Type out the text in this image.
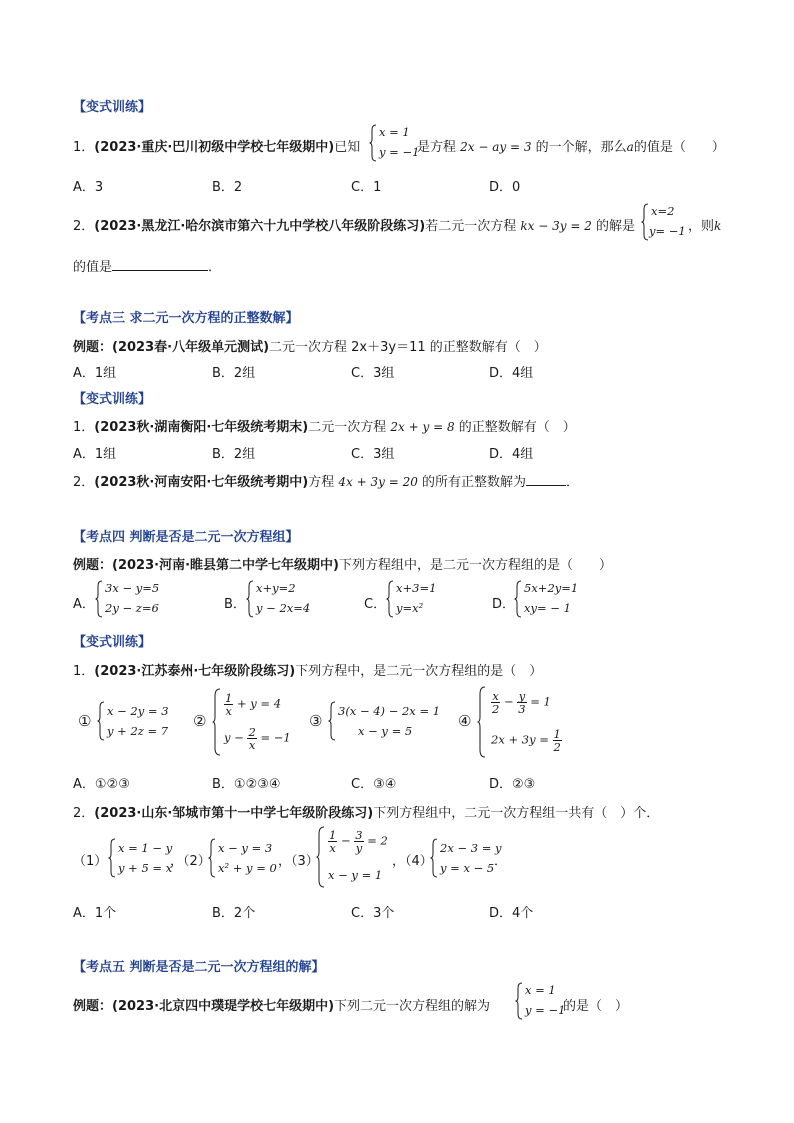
【变式训练】
1．(2023·重庆·巴川初级中学校七年级期中)已知
x = 1
y = −1
是方程 2x − ay = 3 的一个解，那么a的值是（　　）
A．3	B．2	C．1	D．0
2．(2023·黑龙江·哈尔滨市第六十九中学校八年级阶段练习)若二元一次方程 kx − 3y = 2 的解是
x=2
y= −1 ，则k
的值是	．
【考点三 求二元一次方程的正整数解】
例题：(2023春·八年级单元测试)二元一次方程 2x＋3y＝11 的正整数解有（　）
A．1组	B．2组	C．3组	D．4组
【变式训练】
1．(2023秋·湖南衡阳·七年级统考期末)二元一次方程 2x + y = 8 的正整数解有（　）
A．1组	B．2组	C．3组	D．4组
2．(2023秋·河南安阳·七年级统考期中)方程 4x + 3y = 20 的所有正整数解为	．
【考点四 判断是否是二元一次方程组】
例题：(2023·河南·睢县第二中学七年级期中)下列方程组中，是二元一次方程组的是（　　）
A．
3x − y=5
2y − z=6	B．
x+y=2
y − 2x=4	C．
x+3=1
y=x²	D．
5x+2y=1
xy= − 1
【变式训练】
1．(2023·江苏泰州·七年级阶段练习)下列方程中，是二元一次方程组的是（　）
①
x − 2y = 3
y + 2z = 7
②
$\frac{1}{x} + y = 4$
$y - \frac{2}{x} = -1$
③
3(x − 4) − 2x = 1
x − y = 5
④
$\frac{x}{2} - \frac{y}{3} = 1$
$2x + 3y = \frac{1}{2}$
A．①②③	B．①②③④	C．③④	D．②③
2．(2023·山东·邹城市第十一中学七年级阶段练习)下列方程组中，二元一次方程组一共有（　）个．
（1）
x = 1 − y
y + 5 = x
，（2）
x − y = 3
x² + y = 0 ，（3）
$\frac{1}{x} - \frac{3}{y} = 2$
x − y = 1
，（4）
2x − 3 = y
y = x − 5 ．
A．1个	B．2个	C．3个	D．4个
【考点五 判断是否是二元一次方程组的解】
例题：(2023·北京四中璞瑅学校七年级期中)下列二元一次方程组的解为
x = 1
y = −1
的是（　）
